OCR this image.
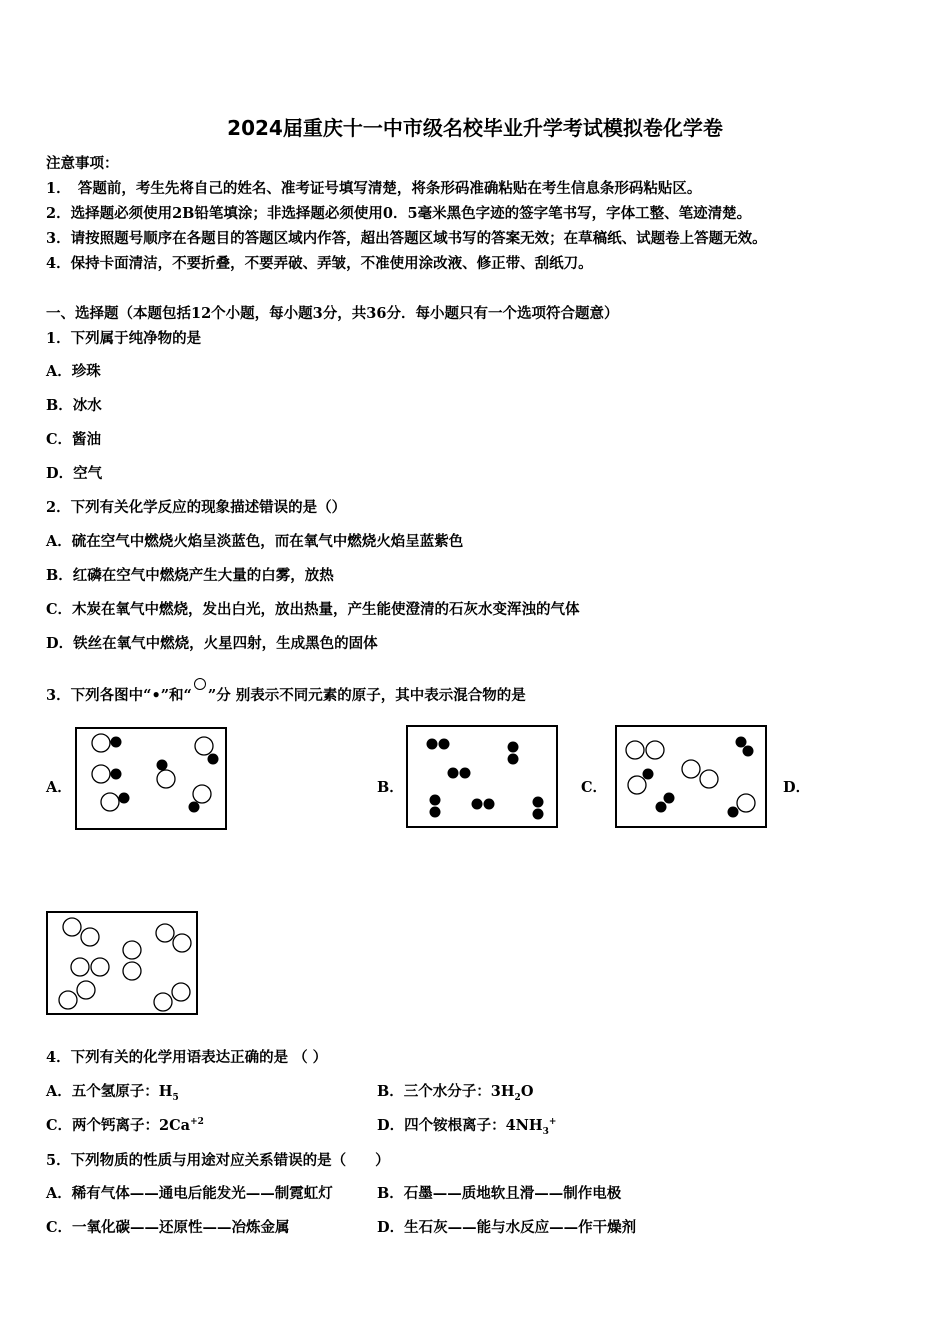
2024届重庆十一中市级名校毕业升学考试模拟卷化学卷
注意事项：
1．　答题前，考生先将自己的姓名、准考证号填写清楚，将条形码准确粘贴在考生信息条形码粘贴区。
2．选择题必须使用2B铅笔填涂；非选择题必须使用0．5毫米黑色字迹的签字笔书写，字体工整、笔迹清楚。
3．请按照题号顺序在各题目的答题区域内作答，超出答题区域书写的答案无效；在草稿纸、试题卷上答题无效。
4．保持卡面清洁，不要折叠，不要弄破、弄皱，不准使用涂改液、修正带、刮纸刀。
一、选择题（本题包括12个小题，每小题3分，共36分．每小题只有一个选项符合题意）
1．下列属于纯净物的是
A．珍珠
B．冰水
C．酱油
D．空气
2．下列有关化学反应的现象描述错误的是（）
A．硫在空气中燃烧火焰呈淡蓝色，而在氧气中燃烧火焰呈蓝紫色
B．红磷在空气中燃烧产生大量的白雾，放热
C．木炭在氧气中燃烧，发出白光，放出热量，产生能使澄清的石灰水变浑浊的气体
D．铁丝在氧气中燃烧，火星四射，生成黑色的固体
3．下列各图中“•”和“ ”分 别表示不同元素的原子，其中表示混合物的是
A．	B．	C．	D．
4．下列有关的化学用语表达正确的是 （ ）
A．五个氢原子：$H_5$	B．三个水分子：$3H_2O$
C．两个钙离子：$2Ca^{+2}$	D．四个铵根离子：$4NH_3^+$
5．下列物质的性质与用途对应关系错误的是（　　）
A．稀有气体——通电后能发光——制霓虹灯	B．石墨——质地软且滑——制作电极
C．一氧化碳——还原性——冶炼金属	D．生石灰——能与水反应——作干燥剂
